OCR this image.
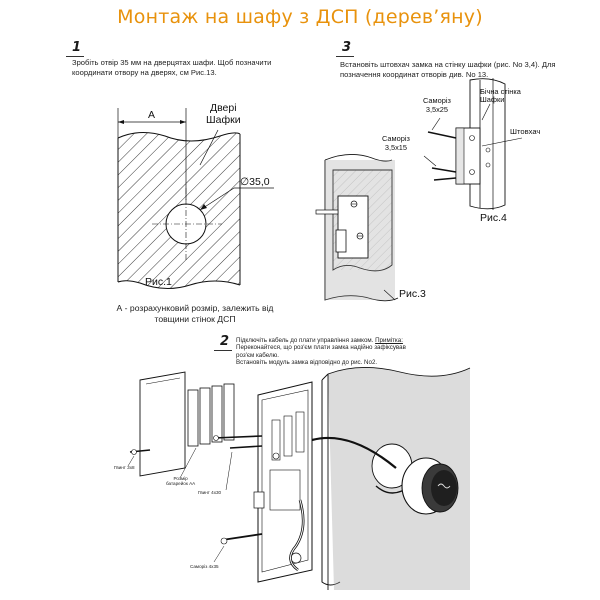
Монтаж на шафу з ДСП (дерев’яну)
1	3
2
Зробіть отвір 35 мм на дверцятах шафи. Щоб позначити координати отвору на дверях, см Рис.13.
Встановіть штовхач замка на стінку шафки (рис. No 3,4). Для позначення координат отворів див. No 13.
Підключіть кабель до плати управління замком. Примітка:
Переконайтеся, що роз'єм плати замка надійно зафіксував роз'єм кабелю.
Встановіть модуль замка відповідно до рис. No2.
А
Дверi
Шафки
∅35,0
Рис.1
А - розрахунковий розмір, залежить від товщини стінок ДСП
Саморіз
3,5х25
Бічна стінка
Шафки
Саморіз
3,5х15
Штовхач
Рис.4
Рис.3
Гвинт 3х8
Розмір
батарейок АА
Гвинт 4х30
Саморіз 4х35
